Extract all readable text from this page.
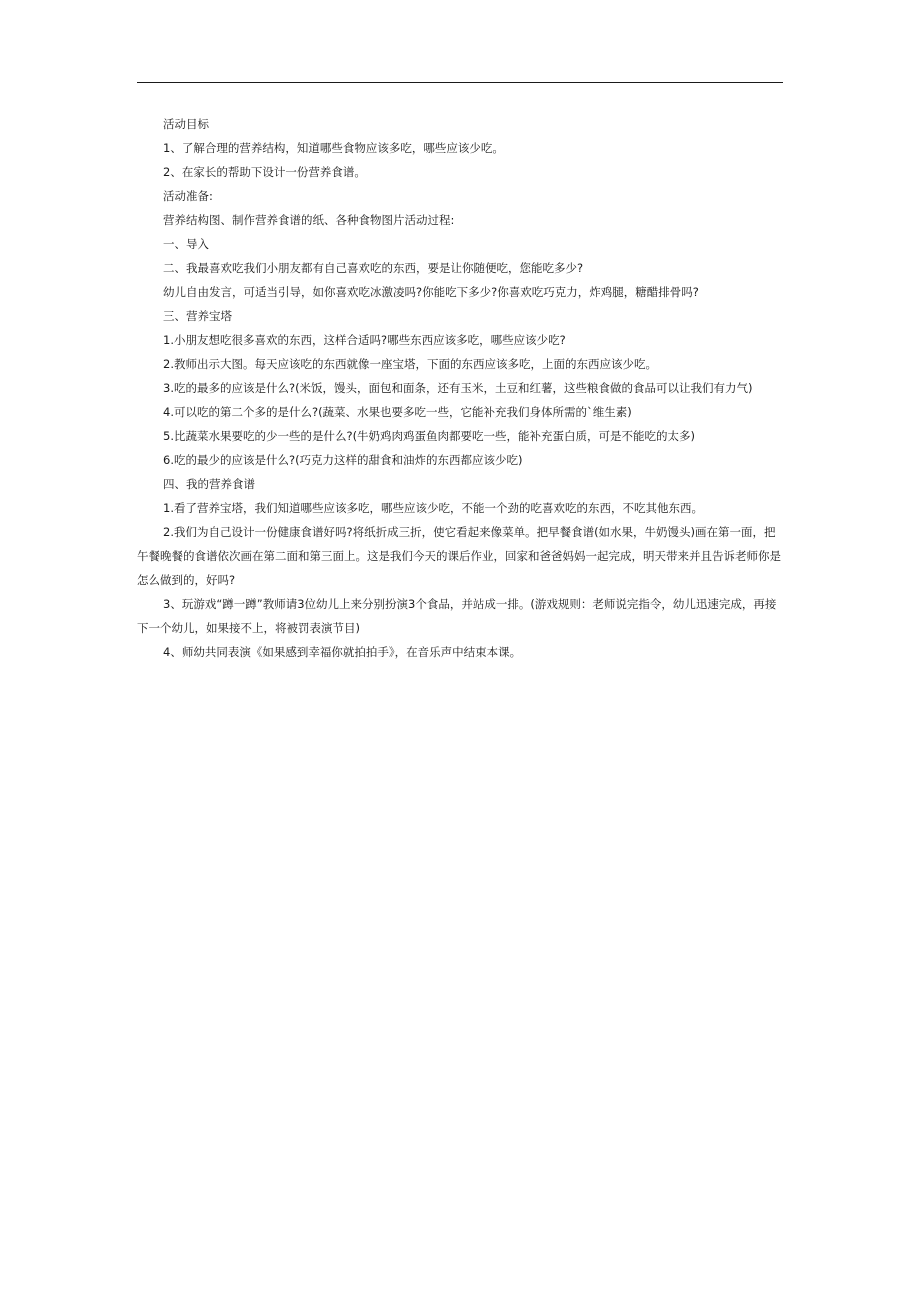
活动目标

1、了解合理的营养结构，知道哪些食物应该多吃，哪些应该少吃。

2、在家长的帮助下设计一份营养食谱。

活动准备:

营养结构图、制作营养食谱的纸、各种食物图片活动过程:

一、导入

二、我最喜欢吃我们小朋友都有自己喜欢吃的东西，要是让你随便吃，您能吃多少?

幼儿自由发言，可适当引导，如你喜欢吃冰激凌吗?你能吃下多少?你喜欢吃巧克力，炸鸡腿，糖醋排骨吗?

三、营养宝塔

1.小朋友想吃很多喜欢的东西，这样合适吗?哪些东西应该多吃，哪些应该少吃?

2.教师出示大图。每天应该吃的东西就像一座宝塔，下面的东西应该多吃，上面的东西应该少吃。

3.吃的最多的应该是什么?(米饭，馒头，面包和面条，还有玉米，土豆和红薯，这些粮食做的食品可以让我们有力气)

4.可以吃的第二个多的是什么?(蔬菜、水果也要多吃一些，它能补充我们身体所需的`维生素)

5.比蔬菜水果要吃的少一些的是什么?(牛奶鸡肉鸡蛋鱼肉都要吃一些，能补充蛋白质，可是不能吃的太多)

6.吃的最少的应该是什么?(巧克力这样的甜食和油炸的东西都应该少吃)

四、我的营养食谱

1.看了营养宝塔，我们知道哪些应该多吃，哪些应该少吃，不能一个劲的吃喜欢吃的东西，不吃其他东西。

2.我们为自己设计一份健康食谱好吗?将纸折成三折，使它看起来像菜单。把早餐食谱(如水果，牛奶馒头)画在第一面，把午餐晚餐的食谱依次画在第二面和第三面上。这是我们今天的课后作业，回家和爸爸妈妈一起完成，明天带来并且告诉老师你是怎么做到的，好吗?

3、玩游戏“蹲一蹲”教师请3位幼儿上来分别扮演3个食品，并站成一排。(游戏规则：老师说完指令，幼儿迅速完成，再接下一个幼儿，如果接不上，将被罚表演节目)

4、师幼共同表演《如果感到幸福你就拍拍手》，在音乐声中结束本课。
